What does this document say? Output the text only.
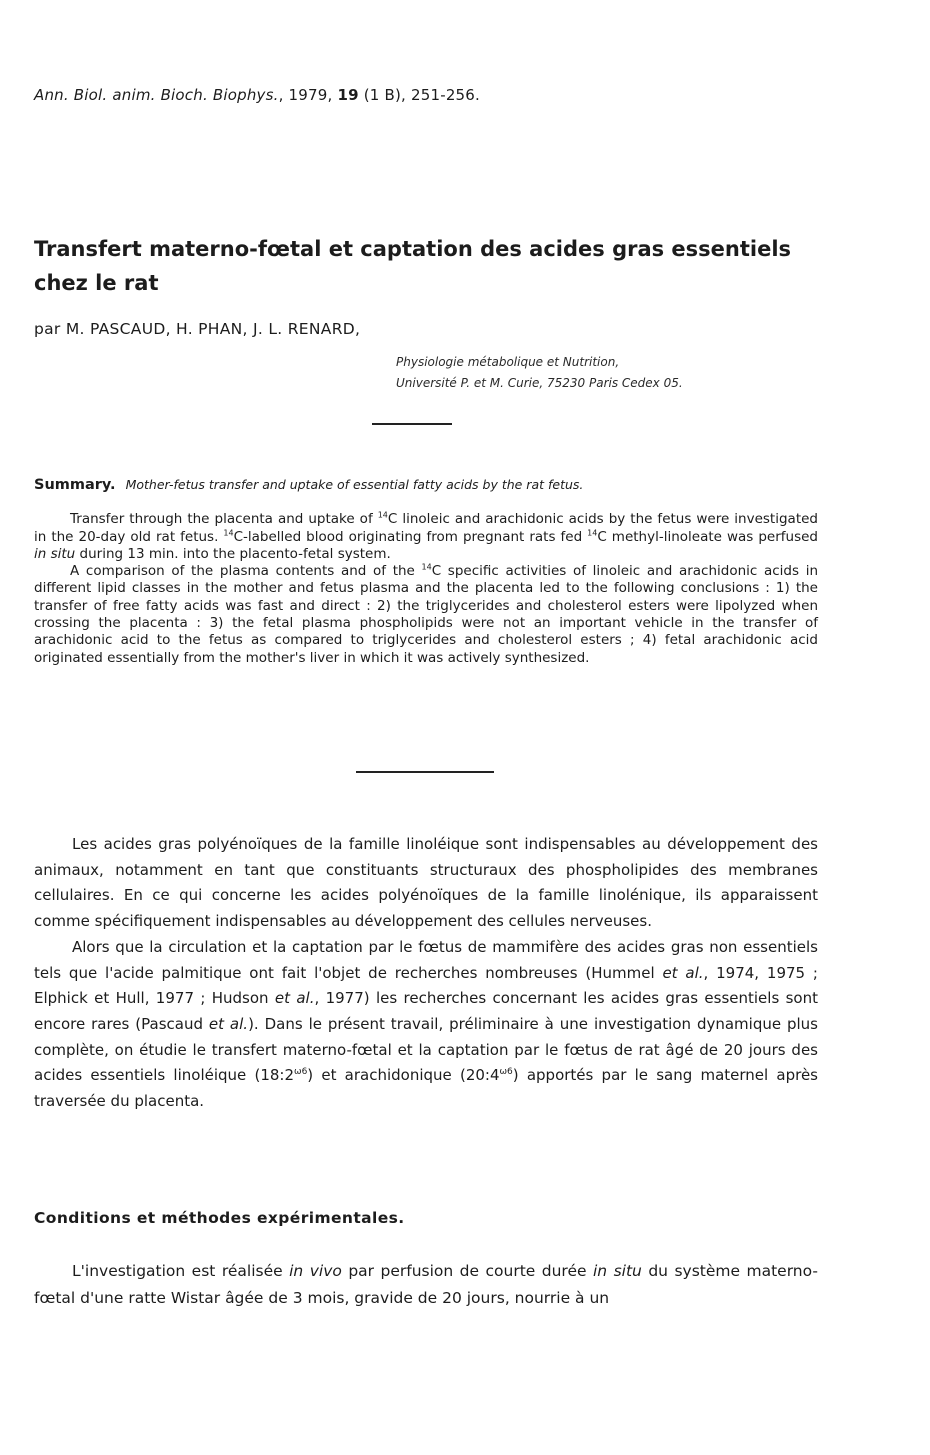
Ann. Biol. anim. Bioch. Biophys., 1979, 19 (1 B), 251-256.
Transfert materno-fœtal et captation des acides gras essentiels chez le rat
par M. PASCAUD, H. PHAN, J. L. RENARD,
Physiologie métabolique et Nutrition,
Université P. et M. Curie, 75230 Paris Cedex 05.

Summary. Mother-fetus transfer and uptake of essential fatty acids by the rat fetus.

Transfer through the placenta and uptake of $^{14}$C linoleic and arachidonic acids by the fetus were investigated in the 20-day old rat fetus. $^{14}$C-labelled blood originating from pregnant rats fed $^{14}$C methyl-linoleate was perfused in situ during 13 min. into the placento-fetal system.

A comparison of the plasma contents and of the $^{14}$C specific activities of linoleic and arachidonic acids in different lipid classes in the mother and fetus plasma and the placenta led to the following conclusions : 1) the transfer of free fatty acids was fast and direct : 2) the triglycerides and cholesterol esters were lipolyzed when crossing the placenta : 3) the fetal plasma phospholipids were not an important vehicle in the transfer of arachidonic acid to the fetus as compared to triglycerides and cholesterol esters ; 4) fetal arachidonic acid originated essentially from the mother's liver in which it was actively synthesized.

Les acides gras polyénoïques de la famille linoléique sont indispensables au développement des animaux, notamment en tant que constituants structuraux des phospholipides des membranes cellulaires. En ce qui concerne les acides polyénoïques de la famille linolénique, ils apparaissent comme spécifiquement indispensables au développement des cellules nerveuses.

Alors que la circulation et la captation par le fœtus de mammifère des acides gras non essentiels tels que l'acide palmitique ont fait l'objet de recherches nombreuses (Hummel et al., 1974, 1975 ; Elphick et Hull, 1977 ; Hudson et al., 1977) les recherches concernant les acides gras essentiels sont encore rares (Pascaud et al.). Dans le présent travail, préliminaire à une investigation dynamique plus complète, on étudie le transfert materno-fœtal et la captation par le fœtus de rat âgé de 20 jours des acides essentiels linoléique $(18:2^{\omega 6})$ et arachidonique $(20:4^{\omega 6})$ apportés par le sang maternel après traversée du placenta.

Conditions et méthodes expérimentales.

L'investigation est réalisée in vivo par perfusion de courte durée in situ du système materno-fœtal d'une ratte Wistar âgée de 3 mois, gravide de 20 jours, nourrie à un
